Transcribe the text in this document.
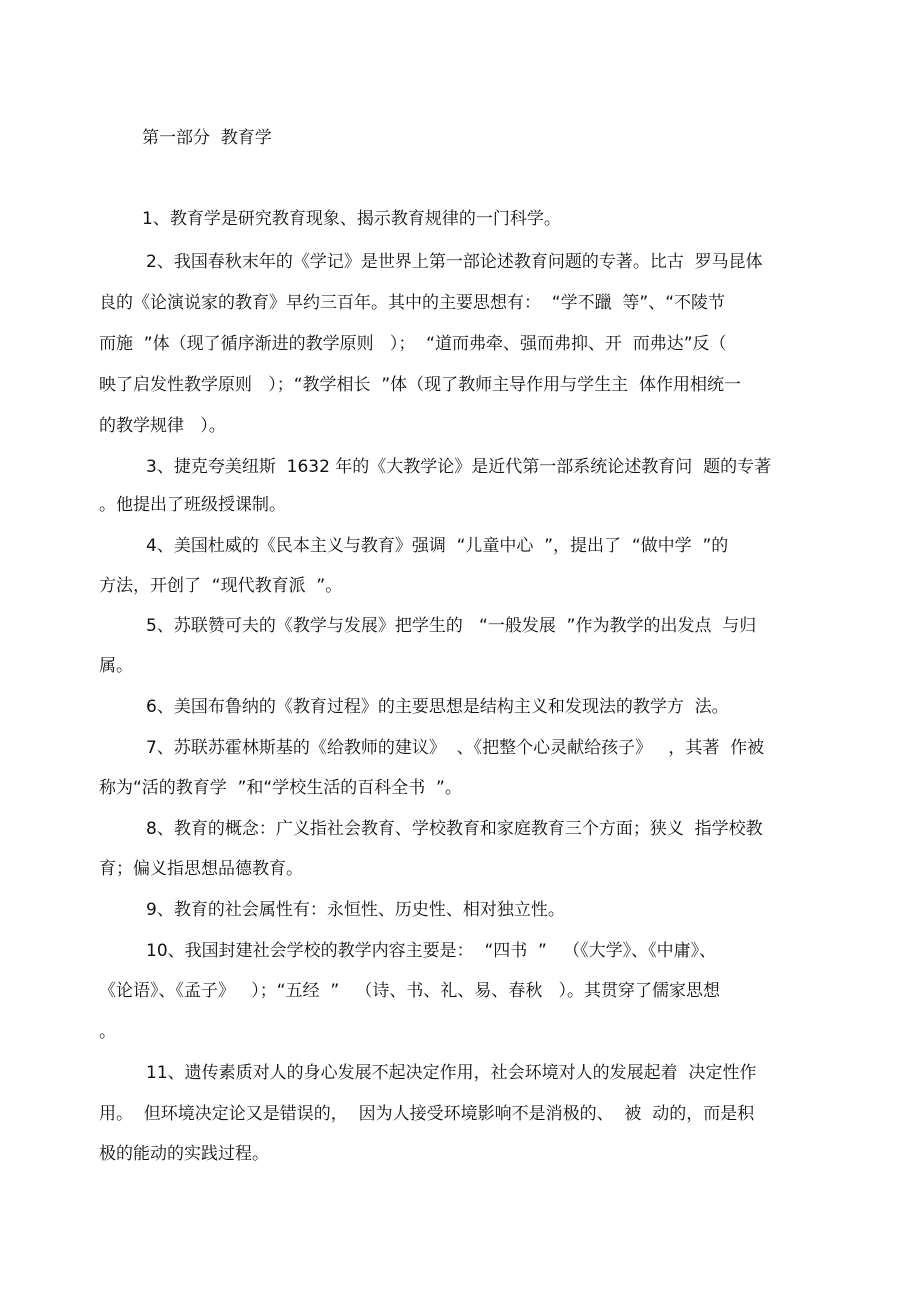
第一部分  教育学

1、教育学是研究教育现象、揭示教育规律的一门科学。

2、我国春秋末年的《学记》是世界上第一部论述教育问题的专著。比古  罗马昆体

良的《论演说家的教育》早约三百年。其中的主要思想有：  “学不躐  等”、“不陵节

而施  ”体（现了循序渐进的教学原则   ）；  “道而弗牵、强而弗抑、开  而弗达”反（

映了启发性教学原则   ）；“教学相长  ”体（现了教师主导作用与学生主  体作用相统一

的教学规律   ）。

3、捷克夸美纽斯  1632 年的《大教学论》是近代第一部系统论述教育问  题的专著

。他提出了班级授课制。

4、美国杜威的《民本主义与教育》强调  “儿童中心  ”，提出了  “做中学  ”的

方法，开创了  “现代教育派  ”。

5、苏联赞可夫的《教学与发展》把学生的   “一般发展  ”作为教学的出发点  与归

属。

6、美国布鲁纳的《教育过程》的主要思想是结构主义和发现法的教学方  法。

7、苏联苏霍林斯基的《给教师的建议》  、《把整个心灵献给孩子》   ，其著  作被

称为“活的教育学  ”和“学校生活的百科全书  ”。

8、教育的概念：广义指社会教育、学校教育和家庭教育三个方面；狭义  指学校教

育；偏义指思想品德教育。

9、教育的社会属性有：永恒性、历史性、相对独立性。

10、我国封建社会学校的教学内容主要是：  “四书  ”   （《大学》、《中庸》、

《论语》、《孟子》   ）；“五经  ”   （诗、书、礼、易、春秋   ）。其贯穿了儒家思想

。

11、遗传素质对人的身心发展不起决定作用，社会环境对人的发展起着  决定性作

用。  但环境决定论又是错误的，  因为人接受环境影响不是消极的、  被  动的，而是积

极的能动的实践过程。
